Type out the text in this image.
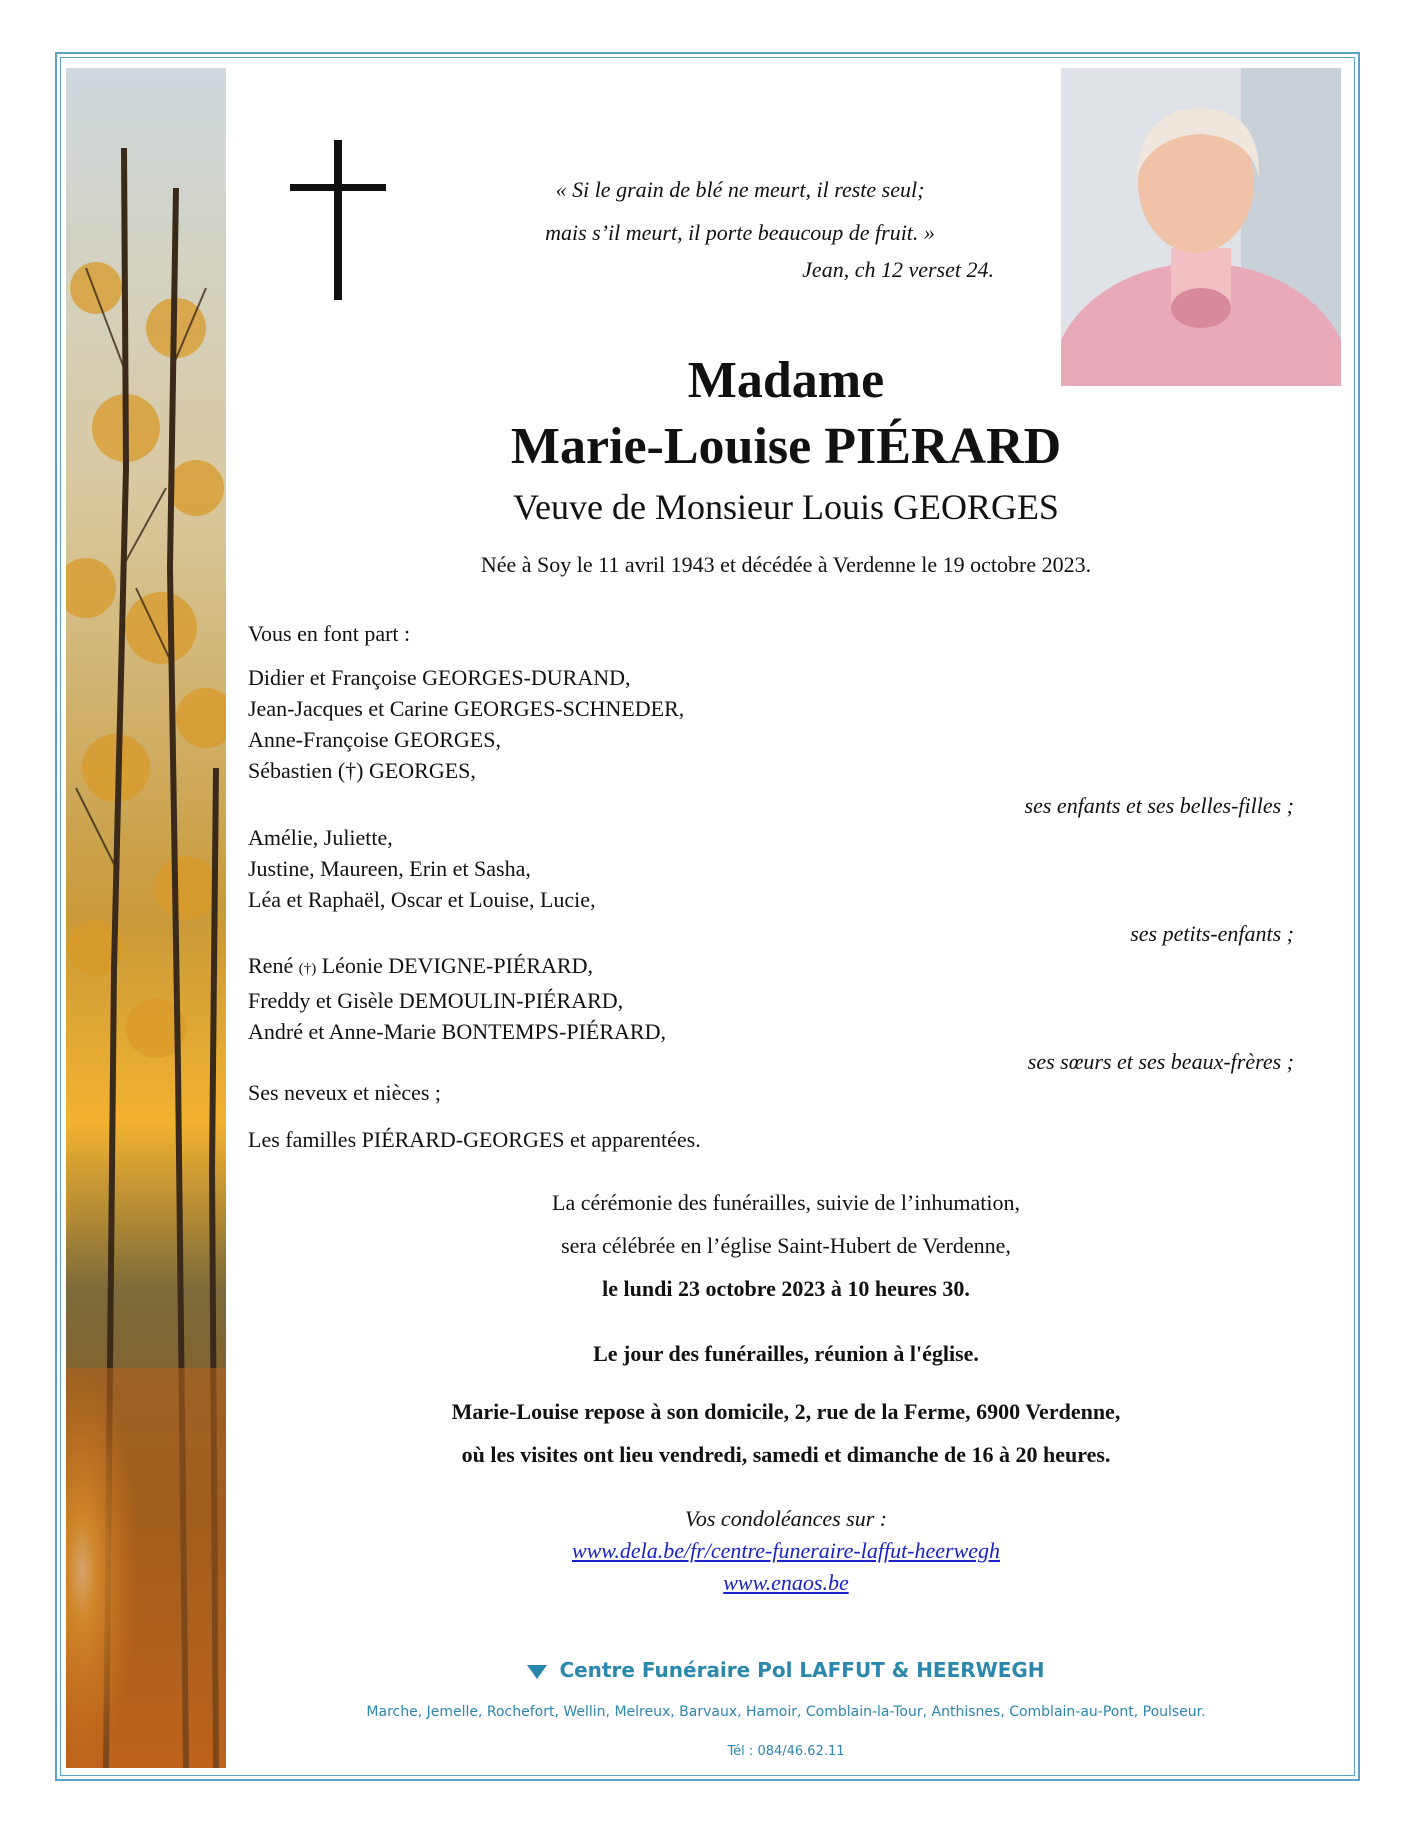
« Si le grain de blé ne meurt, il reste seul;
mais s’il meurt, il porte beaucoup de fruit. »
Jean, ch 12 verset 24.
Madame
Marie-Louise PIÉRARD
Veuve de Monsieur Louis GEORGES
Née à Soy le 11 avril 1943 et décédée à Verdenne le 19 octobre 2023.
Vous en font part :
Didier et Françoise GEORGES-DURAND,
Jean-Jacques et Carine GEORGES-SCHNEDER,
Anne-Françoise GEORGES,
Sébastien (†) GEORGES,
ses enfants et ses belles-filles ;
Amélie, Juliette,
Justine, Maureen, Erin et Sasha,
Léa et Raphaël, Oscar et Louise, Lucie,
ses petits-enfants ;
René (†) Léonie DEVIGNE-PIÉRARD,
Freddy et Gisèle DEMOULIN-PIÉRARD,
André et Anne-Marie BONTEMPS-PIÉRARD,
ses sœurs et ses beaux-frères ;
Ses neveux et nièces ;
Les familles PIÉRARD-GEORGES et apparentées.
La cérémonie des funérailles, suivie de l’inhumation,
sera célébrée en l’église Saint-Hubert de Verdenne,
le lundi 23 octobre 2023 à 10 heures 30.
Le jour des funérailles, réunion à l'église.
Marie-Louise repose à son domicile, 2, rue de la Ferme, 6900 Verdenne,
où les visites ont lieu vendredi, samedi et dimanche de 16 à 20 heures.
Vos condoléances sur :
www.dela.be/fr/centre-funeraire-laffut-heerwegh
www.enaos.be
Centre Funéraire Pol LAFFUT & HEERWEGH
Marche, Jemelle, Rochefort, Wellin, Melreux, Barvaux, Hamoir, Comblain-la-Tour, Anthisnes, Comblain-au-Pont, Poulseur.
Tél : 084/46.62.11
